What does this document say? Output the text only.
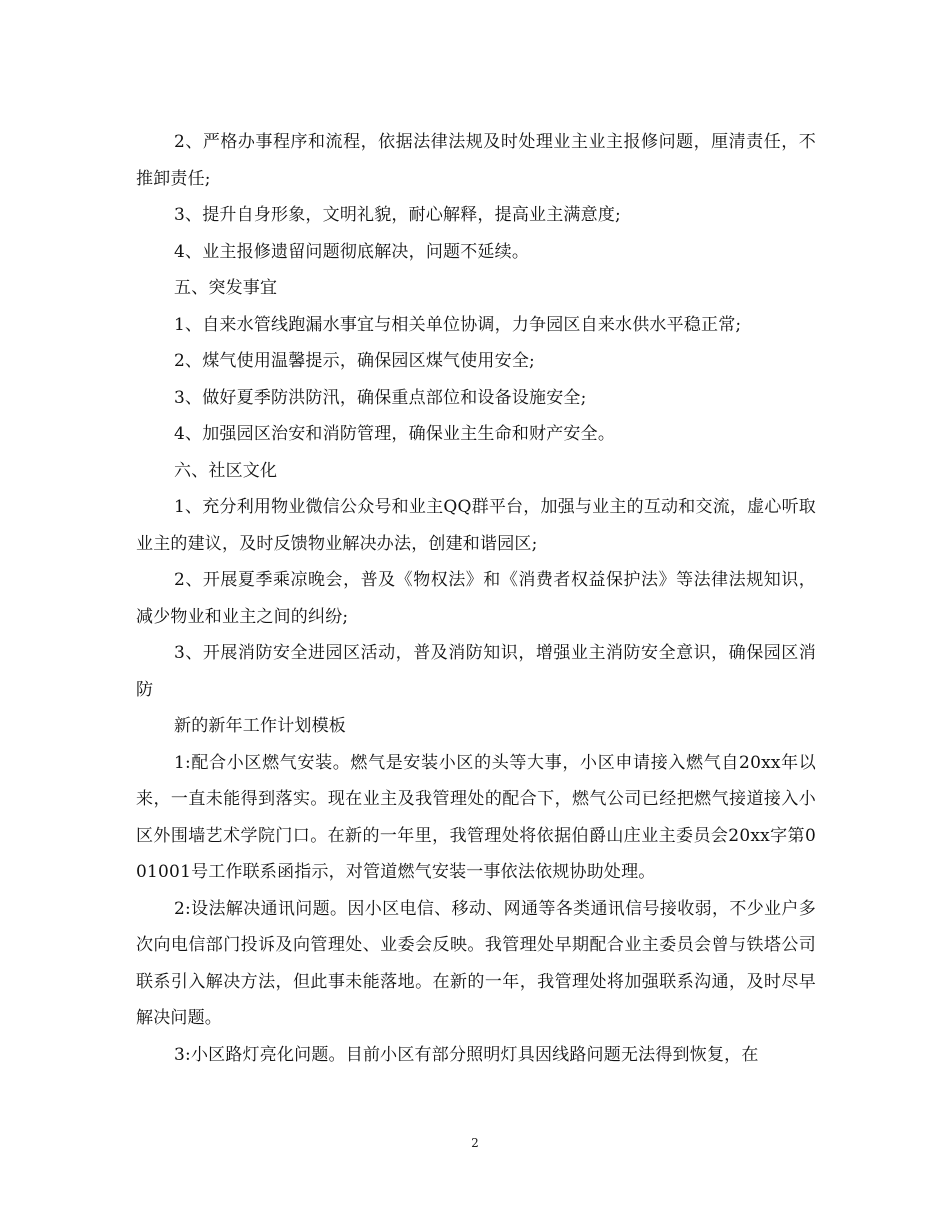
2、严格办事程序和流程，依据法律法规及时处理业主业主报修问题，厘清责任，不推卸责任;

3、提升自身形象，文明礼貌，耐心解释，提高业主满意度;

4、业主报修遗留问题彻底解决，问题不延续。

五、突发事宜

1、自来水管线跑漏水事宜与相关单位协调，力争园区自来水供水平稳正常;

2、煤气使用温馨提示，确保园区煤气使用安全;

3、做好夏季防洪防汛，确保重点部位和设备设施安全;

4、加强园区治安和消防管理，确保业主生命和财产安全。

六、社区文化

1、充分利用物业微信公众号和业主QQ群平台，加强与业主的互动和交流，虚心听取业主的建议，及时反馈物业解决办法，创建和谐园区;

2、开展夏季乘凉晚会，普及《物权法》和《消费者权益保护法》等法律法规知识，减少物业和业主之间的纠纷;

3、开展消防安全进园区活动，普及消防知识，增强业主消防安全意识，确保园区消防

新的新年工作计划模板

1:配合小区燃气安装。燃气是安装小区的头等大事，小区申请接入燃气自20xx年以来，一直未能得到落实。现在业主及我管理处的配合下，燃气公司已经把燃气接道接入小区外围墙艺术学院门口。在新的一年里，我管理处将依据伯爵山庄业主委员会20xx字第001001号工作联系函指示，对管道燃气安装一事依法依规协助处理。

2:设法解决通讯问题。因小区电信、移动、网通等各类通讯信号接收弱，不少业户多次向电信部门投诉及向管理处、业委会反映。我管理处早期配合业主委员会曾与铁塔公司联系引入解决方法，但此事未能落地。在新的一年，我管理处将加强联系沟通，及时尽早解决问题。

3:小区路灯亮化问题。目前小区有部分照明灯具因线路问题无法得到恢复，在

2
